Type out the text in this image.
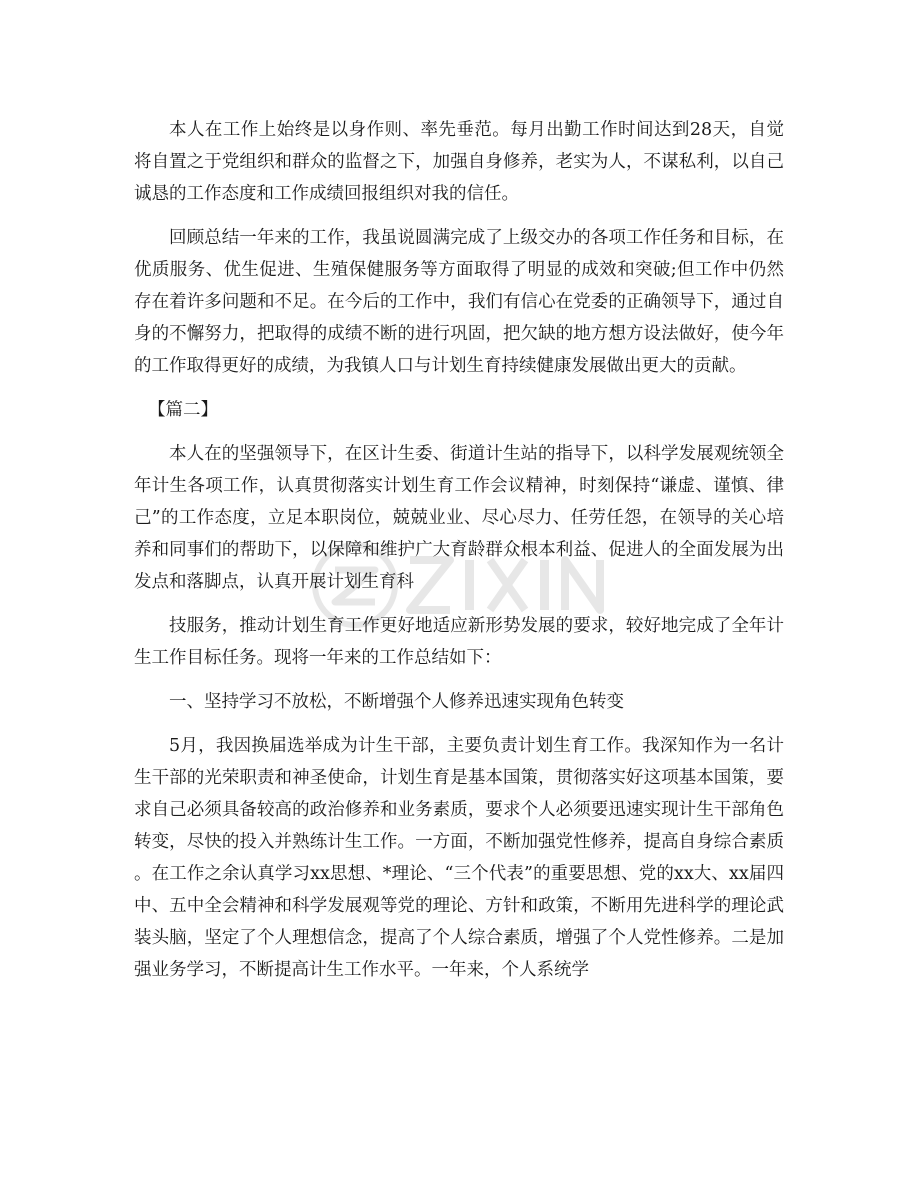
本人在工作上始终是以身作则、率先垂范。每月出勤工作时间达到28天，自觉将自置之于党组织和群众的监督之下，加强自身修养，老实为人，不谋私利，以自己诚恳的工作态度和工作成绩回报组织对我的信任。

回顾总结一年来的工作，我虽说圆满完成了上级交办的各项工作任务和目标，在优质服务、优生促进、生殖保健服务等方面取得了明显的成效和突破;但工作中仍然存在着许多问题和不足。在今后的工作中，我们有信心在党委的正确领导下，通过自身的不懈努力，把取得的成绩不断的进行巩固，把欠缺的地方想方设法做好，使今年的工作取得更好的成绩，为我镇人口与计划生育持续健康发展做出更大的贡献。

【篇二】

本人在的坚强领导下，在区计生委、街道计生站的指导下，以科学发展观统领全年计生各项工作，认真贯彻落实计划生育工作会议精神，时刻保持“谦虚、谨慎、律己”的工作态度，立足本职岗位，兢兢业业、尽心尽力、任劳任怨，在领导的关心培养和同事们的帮助下，以保障和维护广大育龄群众根本利益、促进人的全面发展为出发点和落脚点，认真开展计划生育科

技服务，推动计划生育工作更好地适应新形势发展的要求，较好地完成了全年计生工作目标任务。现将一年来的工作总结如下：

一、坚持学习不放松，不断增强个人修养迅速实现角色转变

5月，我因换届选举成为计生干部，主要负责计划生育工作。我深知作为一名计生干部的光荣职责和神圣使命，计划生育是基本国策，贯彻落实好这项基本国策，要求自己必须具备较高的政治修养和业务素质，要求个人必须要迅速实现计生干部角色转变，尽快的投入并熟练计生工作。一方面，不断加强党性修养，提高自身综合素质。在工作之余认真学习xx思想、*理论、“三个代表”的重要思想、党的xx大、xx届四中、五中全会精神和科学发展观等党的理论、方针和政策，不断用先进科学的理论武装头脑，坚定了个人理想信念，提高了个人综合素质，增强了个人党性修养。二是加强业务学习，不断提高计生工作水平。一年来，个人系统学
